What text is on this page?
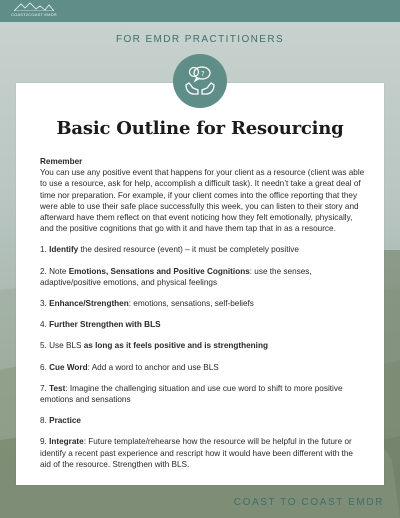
COAST2COAST EMDR
FOR EMDR PRACTITIONERS
?
Basic Outline for Resourcing

Remember

You can use any positive event that happens for your client as a resource (client was able to use a resource, ask for help, accomplish a difficult task). It needn’t take a great deal of time nor preparation. For example, if your client comes into the office reporting that they were able to use their safe place successfully this week, you can listen to their story and afterward have them reflect on that event noticing how they felt emotionally, physically, and the positive cognitions that go with it and have them tap that in as a resource.

1. Identify the desired resource (event) – it must be completely positive

2. Note Emotions, Sensations and Positive Cognitions: use the senses, adaptive/positive emotions, and physical feelings

3. Enhance/Strengthen: emotions, sensations, self-beliefs

4. Further Strengthen with BLS

5. Use BLS as long as it feels positive and is strengthening

6. Cue Word: Add a word to anchor and use BLS

7. Test: Imagine the challenging situation and use cue word to shift to more positive emotions and sensations

8. Practice

9. Integrate: Future template/rehearse how the resource will be helpful in the future or identify a recent past experience and rescript how it would have been different with the aid of the resource. Strengthen with BLS.

COAST TO COAST EMDR
